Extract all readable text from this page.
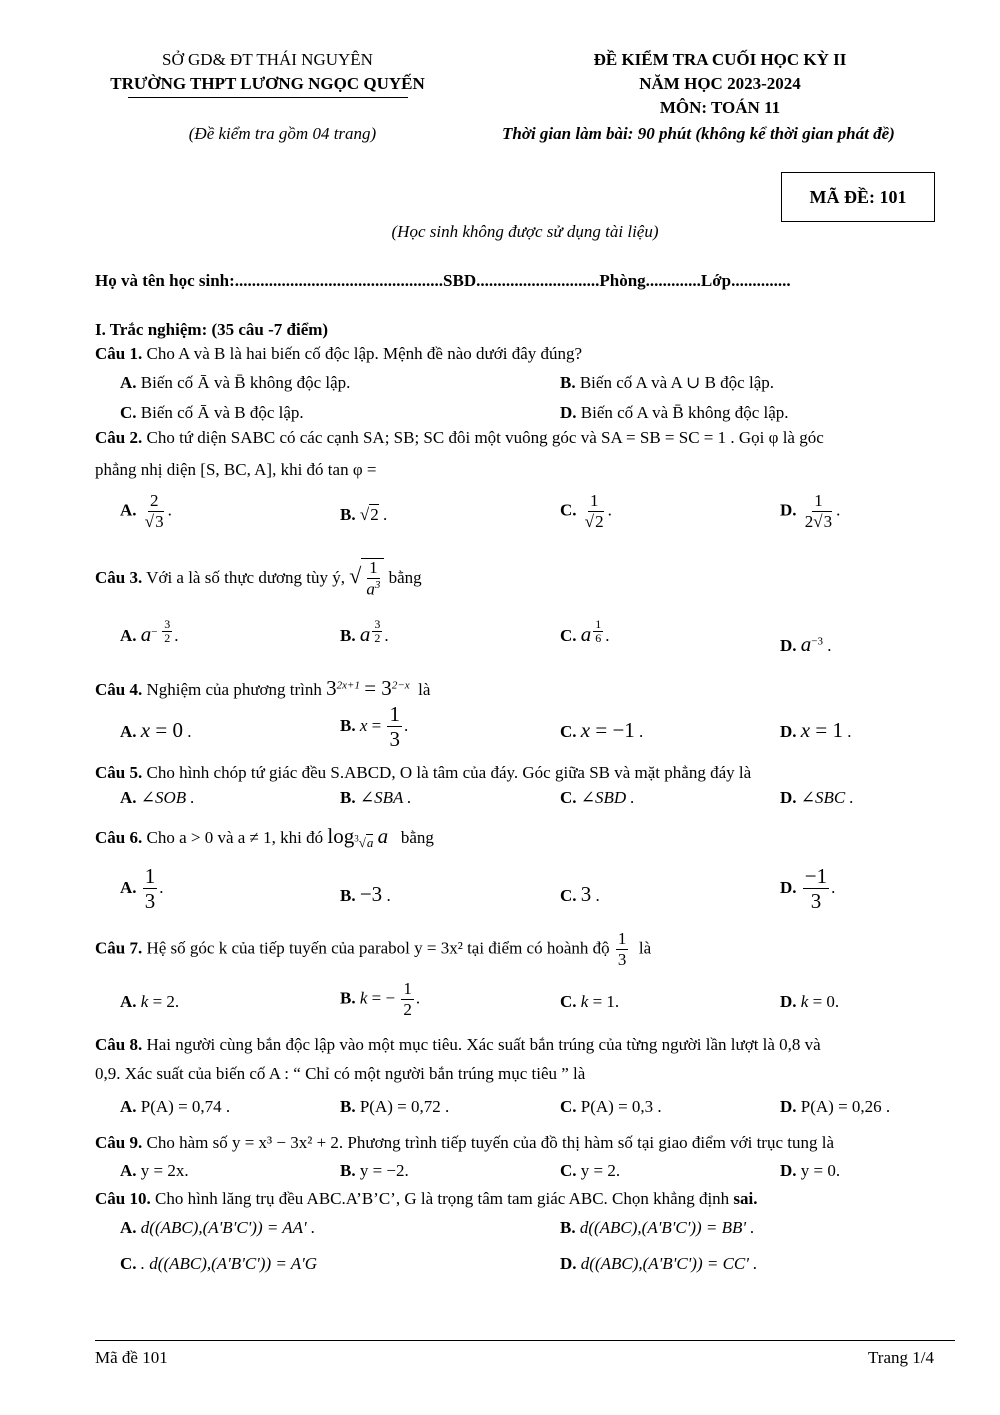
SỞ GD& ĐT THÁI NGUYÊN
TRƯỜNG THPT LƯƠNG NGỌC QUYẾN
(Đề kiểm tra gồm 04 trang)
ĐỀ KIỂM TRA CUỐI HỌC KỲ II
NĂM HỌC 2023-2024
MÔN: TOÁN 11
Thời gian làm bài: 90 phút (không kể thời gian phát đề)
MÃ ĐỀ: 101
(Học sinh không được sử dụng tài liệu)
Họ và tên học sinh:.................................................SBD.............................Phòng.............Lớp..............
I. Trắc nghiệm: (35 câu -7 điểm)
Câu 1. Cho A và B là hai biến cố độc lập. Mệnh đề nào dưới đây đúng?
A. Biến cố Ā và B̄ không độc lập.	B. Biến cố A và A ∪ B độc lập.
C. Biến cố Ā và B độc lập.	D. Biến cố A và B̄ không độc lập.
Câu 2. Cho tứ diện SABC có các cạnh SA; SB; SC đôi một vuông góc và SA = SB = SC = 1 . Gọi φ là góc
phẳng nhị diện [S, BC, A], khi đó tan φ =
A. $\frac{2}{√3}$ .	B. √2 .	C. $\frac{1}{√2}$ .	D. $\frac{1}{2√3}$ .
Câu 3. Với a là số thực dương tùy ý, √ $\frac{1}{a^3}$ bằng
A. $a^{- \frac{3}{2}}$ .	B. a $^{\frac{3}{2}}$ .	C. a $^{\frac{1}{6}}$ .
D. $a^{-3}$ .
Câu 4. Nghiệm của phương trình $3^{2x+1} = 3^{2-x}$ là
A. x = 0 .	B. $x = \frac{1}{3}$ .	C. x = −1 .	D. x = 1 .
Câu 5. Cho hình chóp tứ giác đều S.ABCD, O là tâm của đáy. Góc giữa SB và mặt phẳng đáy là
A. ∠SOB .	B. ∠SBA .	C. ∠SBD .	D. ∠SBC .
Câu 6. Cho a > 0 và a ≠ 1, khi đó $\log_{^3√a} a$ bằng
A. $\frac{1}{3}$ .	B. −3 .	C. 3 .	D. $\frac{-1}{3}$ .
Câu 7. Hệ số góc k của tiếp tuyến của parabol y = 3x² tại điểm có hoành độ $\frac{1}{3}$ là
A. k = 2.	B. k = − $\frac{1}{2}$ .	C. k = 1.	D. k = 0.
Câu 8. Hai người cùng bắn độc lập vào một mục tiêu. Xác suất bắn trúng của từng người lần lượt là 0,8 và
0,9. Xác suất của biến cố A : “ Chỉ có một người bắn trúng mục tiêu ” là
A. P(A) = 0,74 .	B. P(A) = 0,72 .	C. P(A) = 0,3 .	D. P(A) = 0,26 .
Câu 9. Cho hàm số y = x³ − 3x² + 2. Phương trình tiếp tuyến của đồ thị hàm số tại giao điểm với trục tung là
A. y = 2x.	B. y = −2.	C. y = 2.	D. y = 0.
Câu 10. Cho hình lăng trụ đều ABC.A’B’C’, G là trọng tâm tam giác ABC. Chọn khẳng định sai.
A. d((ABC),(A'B'C')) = AA' .	B. d((ABC),(A'B'C')) = BB' .
C. . d((ABC),(A'B'C')) = A'G	D. d((ABC),(A'B'C')) = CC' .
Mã đề 101	Trang 1/4
